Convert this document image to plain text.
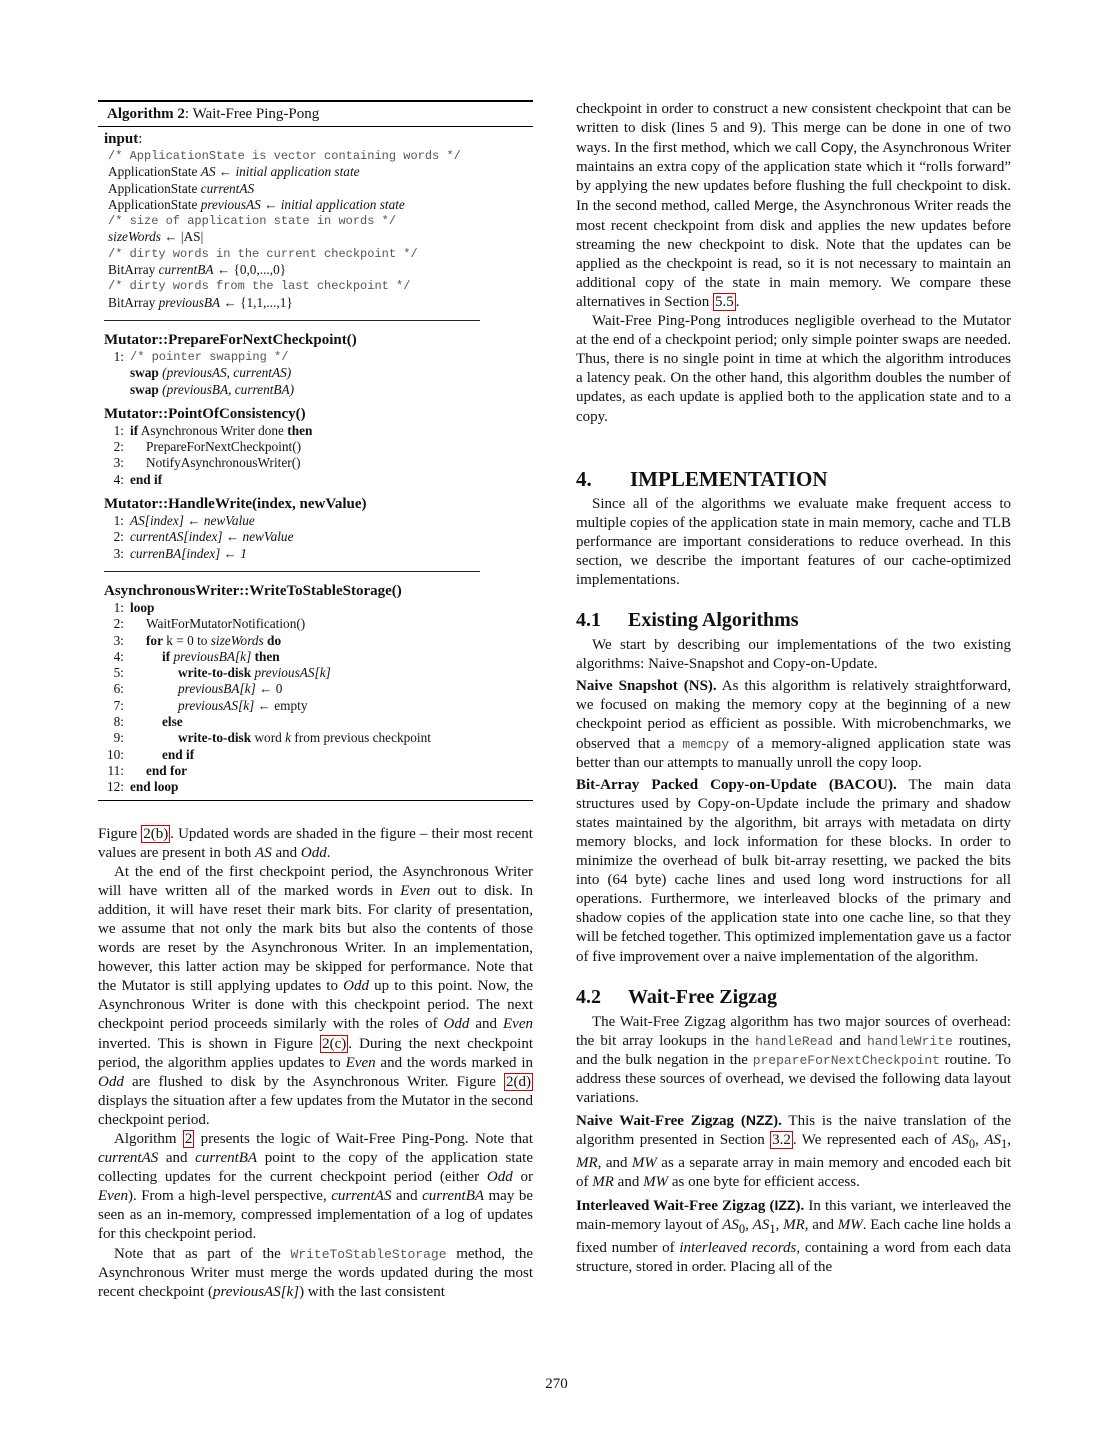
Algorithm 2: Wait-Free Ping-Pong
input:
/* ApplicationState is vector containing words */
ApplicationState AS ← initial application state
ApplicationState currentAS
ApplicationState previousAS ← initial application state
/* size of application state in words */
sizeWords ← |AS|
/* dirty words in the current checkpoint */
BitArray currentBA ← {0,0,...,0}
/* dirty words from the last checkpoint */
BitArray previousBA ← {1,1,...,1}
Mutator::PrepareForNextCheckpoint()
1: /* pointer swapping */
swap (previousAS, currentAS)
swap (previousBA, currentBA)
Mutator::PointOfConsistency()
1: if Asynchronous Writer done then
2:	PrepareForNextCheckpoint()
3:	NotifyAsynchronousWriter()
4: end if
Mutator::HandleWrite(index, newValue)
1: AS[index] ← newValue
2: currentAS[index] ← newValue
3: currenBA[index] ← 1
AsynchronousWriter::WriteToStableStorage()
1: loop
2:	WaitForMutatorNotification()
3:	for k = 0 to sizeWords do
4:	if previousBA[k] then
5:	write-to-disk previousAS[k]
6:	previousBA[k] ← 0
7:	previousAS[k] ← empty
8:	else
9:	write-to-disk word k from previous checkpoint
10:	end if
11:	end for
12: end loop

Figure 2(b) . Updated words are shaded in the figure – their most recent values are present in both AS and Odd.

At the end of the first checkpoint period, the Asynchronous Writer will have written all of the marked words in Even out to disk. In addition, it will have reset their mark bits. For clarity of presentation, we assume that not only the mark bits but also the contents of those words are reset by the Asynchronous Writer. In an implementation, however, this latter action may be skipped for performance. Note that the Mutator is still applying updates to Odd up to this point. Now, the Asynchronous Writer is done with this checkpoint period. The next checkpoint period proceeds similarly with the roles of Odd and Even inverted. This is shown in Figure 2(c) . During the next checkpoint period, the algorithm applies updates to Even and the words marked in Odd are flushed to disk by the Asynchronous Writer. Figure 2(d) displays the situation after a few updates from the Mutator in the second checkpoint period.

Algorithm 2 presents the logic of Wait-Free Ping-Pong. Note that currentAS and currentBA point to the copy of the application state collecting updates for the current checkpoint period (either Odd or Even). From a high-level perspective, currentAS and currentBA may be seen as an in-memory, compressed implementation of a log of updates for this checkpoint period.

Note that as part of the WriteToStableStorage method, the Asynchronous Writer must merge the words updated during the most recent checkpoint (previousAS[k]) with the last consistent

checkpoint in order to construct a new consistent checkpoint that can be written to disk (lines 5 and 9). This merge can be done in one of two ways. In the first method, which we call Copy, the Asynchronous Writer maintains an extra copy of the application state which it “rolls forward” by applying the new updates before flushing the full checkpoint to disk. In the second method, called Merge, the Asynchronous Writer reads the most recent checkpoint from disk and applies the new updates before streaming the new checkpoint to disk. Note that the updates can be applied as the checkpoint is read, so it is not necessary to maintain an additional copy of the state in main memory. We compare these alternatives in Section 5.5 .

Wait-Free Ping-Pong introduces negligible overhead to the Mutator at the end of a checkpoint period; only simple pointer swaps are needed. Thus, there is no single point in time at which the algorithm introduces a latency peak. On the other hand, this algorithm doubles the number of updates, as each update is applied both to the application state and to a copy.

4. IMPLEMENTATION

Since all of the algorithms we evaluate make frequent access to multiple copies of the application state in main memory, cache and TLB performance are important considerations to reduce overhead. In this section, we describe the important features of our cache-optimized implementations.

4.1 Existing Algorithms

We start by describing our implementations of the two existing algorithms: Naive-Snapshot and Copy-on-Update.

Naive Snapshot (NS). As this algorithm is relatively straightforward, we focused on making the memory copy at the beginning of a new checkpoint period as efficient as possible. With microbenchmarks, we observed that a memcpy of a memory-aligned application state was better than our attempts to manually unroll the copy loop.

Bit-Array Packed Copy-on-Update (BACOU). The main data structures used by Copy-on-Update include the primary and shadow states maintained by the algorithm, bit arrays with metadata on dirty memory blocks, and lock information for these blocks. In order to minimize the overhead of bulk bit-array resetting, we packed the bits into (64 byte) cache lines and used long word instructions for all operations. Furthermore, we interleaved blocks of the primary and shadow copies of the application state into one cache line, so that they will be fetched together. This optimized implementation gave us a factor of five improvement over a naive implementation of the algorithm.

4.2 Wait-Free Zigzag

The Wait-Free Zigzag algorithm has two major sources of overhead: the bit array lookups in the handleRead and handleWrite routines, and the bulk negation in the prepareForNextCheckpoint routine. To address these sources of overhead, we devised the following data layout variations.

Naive Wait-Free Zigzag (NZZ). This is the naive translation of the algorithm presented in Section 3.2 . We represented each of $AS_0$, $AS_1$, MR, and MW as a separate array in main memory and encoded each bit of MR and MW as one byte for efficient access.

Interleaved Wait-Free Zigzag (IZZ). In this variant, we interleaved the main-memory layout of $AS_0$, $AS_1$, MR, and MW. Each cache line holds a fixed number of interleaved records, containing a word from each data structure, stored in order. Placing all of the

270
